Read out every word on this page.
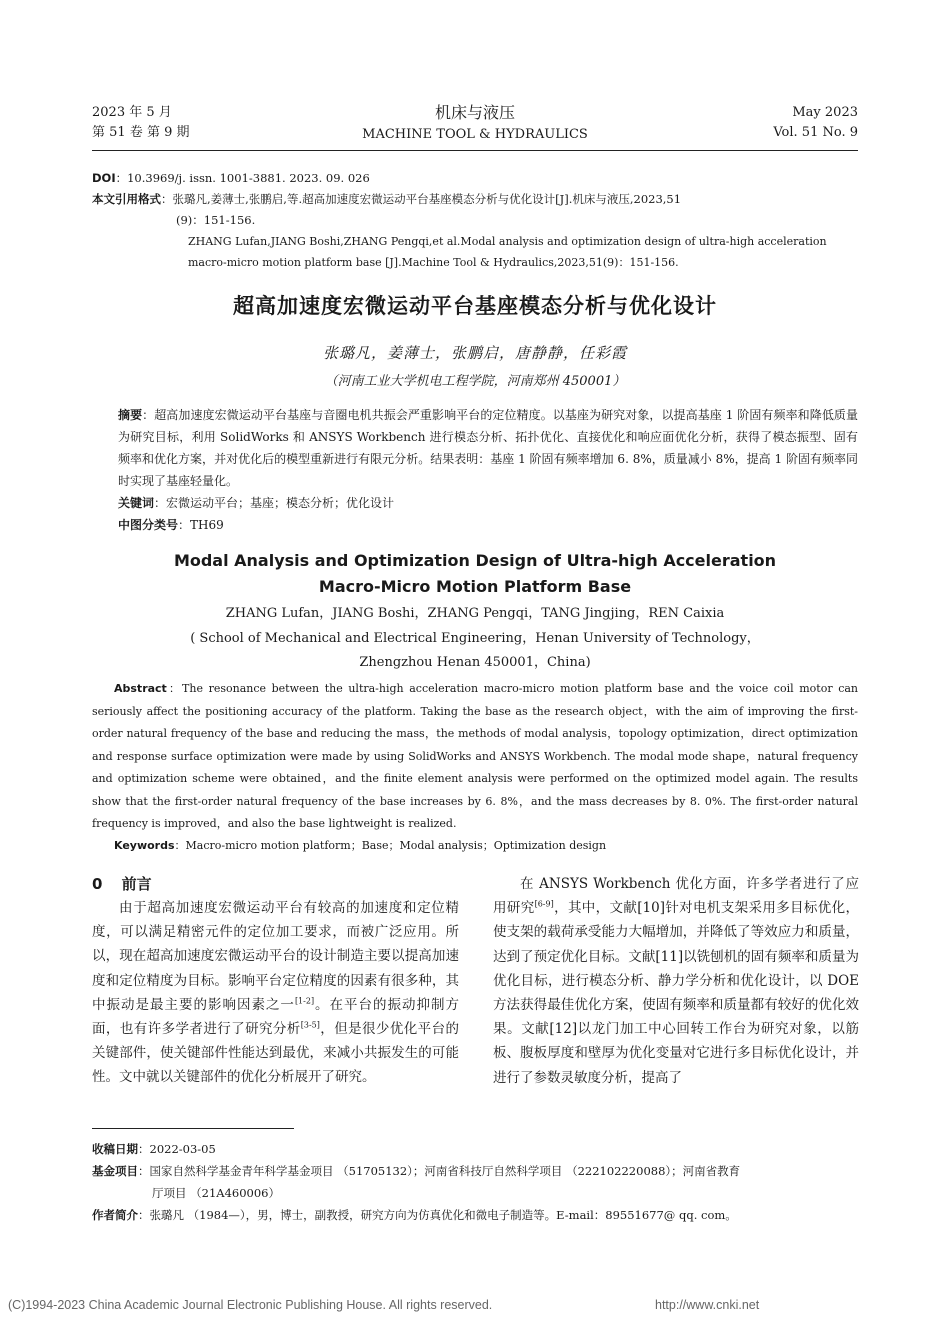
2023 年 5 月
第 51 卷 第 9 期
机床与液压
MACHINE TOOL & HYDRAULICS
May 2023
Vol. 51 No. 9
DOI：10.3969/j. issn. 1001-3881. 2023. 09. 026
本文引用格式：张璐凡,姜薄士,张鹏启,等.超高加速度宏微运动平台基座模态分析与优化设计[J].机床与液压,2023,51
(9)：151-156.
ZHANG Lufan,JIANG Boshi,ZHANG Pengqi,et al.Modal analysis and optimization design of ultra-high acceleration
macro-micro motion platform base [J].Machine Tool & Hydraulics,2023,51(9)：151-156.
超高加速度宏微运动平台基座模态分析与优化设计
张璐凡，姜薄士，张鹏启，唐静静，任彩霞
（河南工业大学机电工程学院，河南郑州 450001）
摘要：超高加速度宏微运动平台基座与音圈电机共振会严重影响平台的定位精度。以基座为研究对象，以提高基座 1 阶固有频率和降低质量为研究目标，利用 SolidWorks 和 ANSYS Workbench 进行模态分析、拓扑优化、直接优化和响应面优化分析，获得了模态振型、固有频率和优化方案，并对优化后的模型重新进行有限元分析。结果表明：基座 1 阶固有频率增加 6. 8%，质量减小 8%，提高 1 阶固有频率同时实现了基座轻量化。
关键词：宏微运动平台；基座；模态分析；优化设计
中图分类号：TH69
Modal Analysis and Optimization Design of Ultra-high Acceleration
Macro-Micro Motion Platform Base
ZHANG Lufan，JIANG Boshi，ZHANG Pengqi，TANG Jingjing，REN Caixia
( School of Mechanical and Electrical Engineering，Henan University of Technology，
Zhengzhou Henan 450001，China)
Abstract：The resonance between the ultra-high acceleration macro-micro motion platform base and the voice coil motor can seriously affect the positioning accuracy of the platform. Taking the base as the research object，with the aim of improving the first-order natural frequency of the base and reducing the mass，the methods of modal analysis，topology optimization，direct optimization and response surface optimization were made by using SolidWorks and ANSYS Workbench. The modal mode shape，natural frequency and optimization scheme were obtained，and the finite element analysis were performed on the optimized model again. The results show that the first-order natural frequency of the base increases by 6. 8%，and the mass decreases by 8. 0%. The first-order natural frequency is improved，and also the base lightweight is realized.
Keywords：Macro-micro motion platform；Base；Modal analysis；Optimization design
0 前言
由于超高加速度宏微运动平台有较高的加速度和定位精度，可以满足精密元件的定位加工要求，而被广泛应用。所以，现在超高加速度宏微运动平台的设计制造主要以提高加速度和定位精度为目标。影响平台定位精度的因素有很多种，其中振动是最主要的影响因素之一[1-2]。在平台的振动抑制方面，也有许多学者进行了研究分析[3-5]，但是很少优化平台的关键部件，使关键部件性能达到最优，来减小共振发生的可能性。文中就以关键部件的优化分析展开了研究。
在 ANSYS Workbench 优化方面，许多学者进行了应用研究[6-9]，其中，文献[10]针对电机支架采用多目标优化，使支架的载荷承受能力大幅增加，并降低了等效应力和质量，达到了预定优化目标。文献[11]以铣刨机的固有频率和质量为优化目标，进行模态分析、静力学分析和优化设计，以 DOE 方法获得最佳优化方案，使固有频率和质量都有较好的优化效果。文献[12]以龙门加工中心回转工作台为研究对象，以筋板、腹板厚度和壁厚为优化变量对它进行多目标优化设计，并进行了参数灵敏度分析，提高了
收稿日期：2022-03-05
基金项目：国家自然科学基金青年科学基金项目 （51705132）；河南省科技厅自然科学项目 （222102220088）；河南省教育
厅项目 （21A460006）
作者简介：张璐凡 （1984—），男，博士，副教授，研究方向为仿真优化和微电子制造等。E-mail：89551677@ qq. com。
(C)1994-2023 China Academic Journal Electronic Publishing House. All rights reserved.	http://www.cnki.net
